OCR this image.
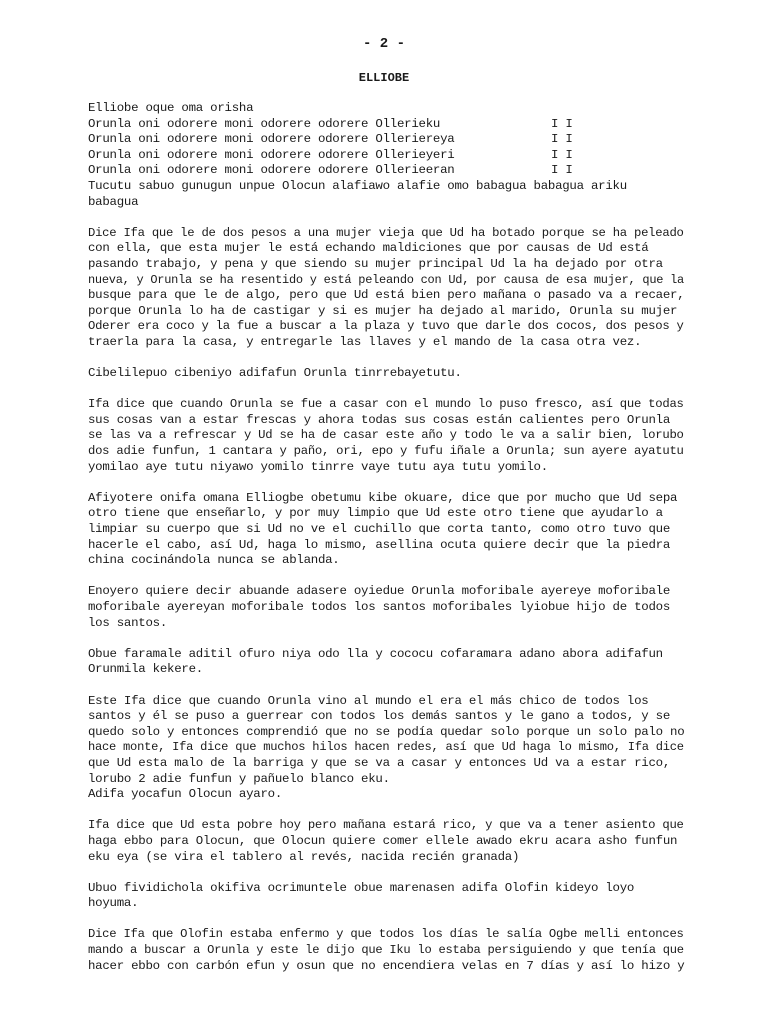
- 2 -
ELLIOBE
Elliobe oque oma orisha
Orunla oni odorere moni odorere odorere Ollerieku	I I
Orunla oni odorere moni odorere odorere Olleriereya	I I
Orunla oni odorere moni odorere odorere Ollerieyeri	I I
Orunla oni odorere moni odorere odorere Ollerieeran	I I
Tucutu sabuo gunugun unpue Olocun alafiawo alafie omo babagua babagua ariku
babagua
Dice Ifa que le de dos pesos a una mujer vieja que Ud ha botado porque se ha peleado
con ella, que esta mujer le está echando maldiciones que por causas de Ud está
pasando trabajo, y pena y que siendo su mujer principal Ud la ha dejado por otra
nueva, y Orunla se ha resentido y está peleando con Ud, por causa de esa mujer, que la
busque para que le de algo, pero que Ud está bien pero mañana o pasado va a recaer,
porque Orunla lo ha de castigar y si es mujer ha dejado al marido, Orunla su mujer
Oderer era coco y la fue a buscar a la plaza y tuvo que darle dos cocos, dos pesos y
traerla para la casa, y entregarle las llaves y el mando de la casa otra vez.
Cibelilepuo cibeniyo adifafun Orunla tinrrebayetutu.
Ifa dice que cuando Orunla se fue a casar con el mundo lo puso fresco, así que todas
sus cosas van a estar frescas y ahora todas sus cosas están calientes pero Orunla
se las va a refrescar y Ud se ha de casar este año y todo le va a salir bien, lorubo
dos adie funfun, 1 cantara y paño, ori, epo y fufu iñale a Orunla; sun ayere ayatutu
yomilao aye tutu niyawo yomilo tinrre vaye tutu aya tutu yomilo.
Afiyotere onifa omana Elliogbe obetumu kibe okuare, dice que por mucho que Ud sepa
otro tiene que enseñarlo, y por muy limpio que Ud este otro tiene que ayudarlo a
limpiar su cuerpo que si Ud no ve el cuchillo que corta tanto, como otro tuvo que
hacerle el cabo, así Ud, haga lo mismo, asellina ocuta quiere decir que la piedra
china cocinándola nunca se ablanda.
Enoyero quiere decir abuande adasere oyiedue Orunla moforibale ayereye moforibale
moforibale ayereyan moforibale todos los santos moforibales lyiobue hijo de todos
los santos.
Obue faramale aditil ofuro niya odo lla y cococu cofaramara adano abora adifafun
Orunmila kekere.
Este Ifa dice que cuando Orunla vino al mundo el era el más chico de todos los
santos y él se puso a guerrear con todos los demás santos y le gano a todos, y se
quedo solo y entonces comprendió que no se podía quedar solo porque un solo palo no
hace monte, Ifa dice que muchos hilos hacen redes, así que Ud haga lo mismo, Ifa dice
que Ud esta malo de la barriga y que se va a casar y entonces Ud va a estar rico,
lorubo 2 adie funfun y pañuelo blanco eku.
Adifa yocafun Olocun ayaro.
Ifa dice que Ud esta pobre hoy pero mañana estará rico, y que va a tener asiento que
haga ebbo para Olocun, que Olocun quiere comer ellele awado ekru acara asho funfun
eku eya (se vira el tablero al revés, nacida recién granada)
Ubuo fividichola okifiva ocrimuntele obue marenasen adifa Olofin kideyo loyo
hoyuma.
Dice Ifa que Olofin estaba enfermo y que todos los días le salía Ogbe melli entonces
mando a buscar a Orunla y este le dijo que Iku lo estaba persiguiendo y que tenía que
hacer ebbo con carbón efun y osun que no encendiera velas en 7 días y así lo hizo y
